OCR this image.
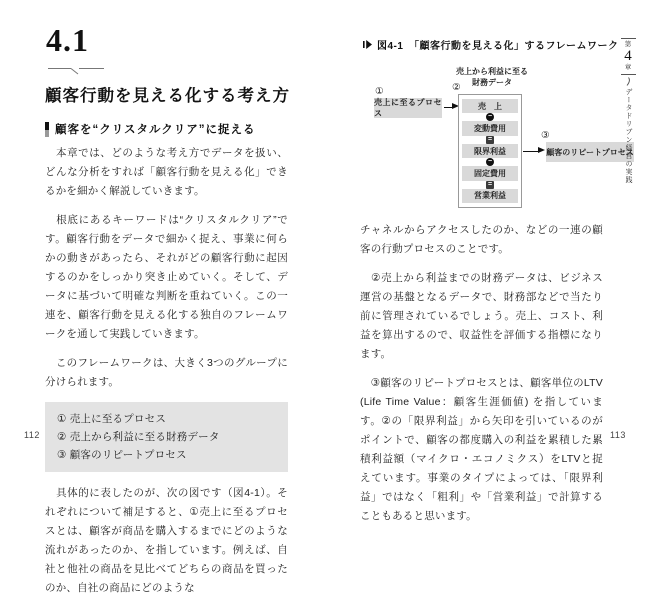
4.1
顧客行動を見える化する考え方
顧客を“クリスタルクリア”に捉える

　本章では、どのような考え方でデータを扱い、どんな分析をすれば「顧客行動を見える化」できるかを細かく解説していきます。

　根底にあるキーワードは“クリスタルクリア”です。顧客行動をデータで細かく捉え、事業に何らかの動きがあったら、それがどの顧客行動に起因するのかをしっかり突き止めていく。そして、データに基づいて明確な判断を重ねていく。この一連を、顧客行動を見える化する独自のフレームワークを通して実践していきます。

　このフレームワークは、大きく3つのグループに分けられます。

① 売上に至るプロセス
② 売上から利益に至る財務データ
③ 顧客のリピートプロセス

　具体的に表したのが、次の図です（図4-1）。それぞれについて補足すると、①売上に至るプロセスとは、顧客が商品を購入するまでにどのような流れがあったのか、を指しています。例えば、自社と他社の商品を見比べてどちらの商品を買ったのか、自社の商品にどのような

112
図4-1　「顧客行動を見える化」するフレームワーク
売上から利益に至る
財務データ
①
売上に至るプロセス
②
売　上
−
変動費用
=
限界利益
−
固定費用
=
営業利益
③
顧客のリピートプロセス

チャネルからアクセスしたのか、などの一連の顧客の行動プロセスのことです。

　②売上から利益までの財務データは、ビジネス運営の基盤となるデータで、財務部などで当たり前に管理されているでしょう。売上、コスト、利益を算出するので、収益性を評価する指標になります。

　③顧客のリピートプロセスとは、顧客単位のLTV (Life Time Value：顧客生涯価値) を指しています。②の「限界利益」から矢印を引いているのがポイントで、顧客の都度購入の利益を累積した累積利益額（マイクロ・エコノミクス）をLTVと捉えています。事業のタイプによっては、「限界利益」ではなく「粗利」や「営業利益」で計算することもあると思います。

113
第
4
章
データドリブン経営の実践
